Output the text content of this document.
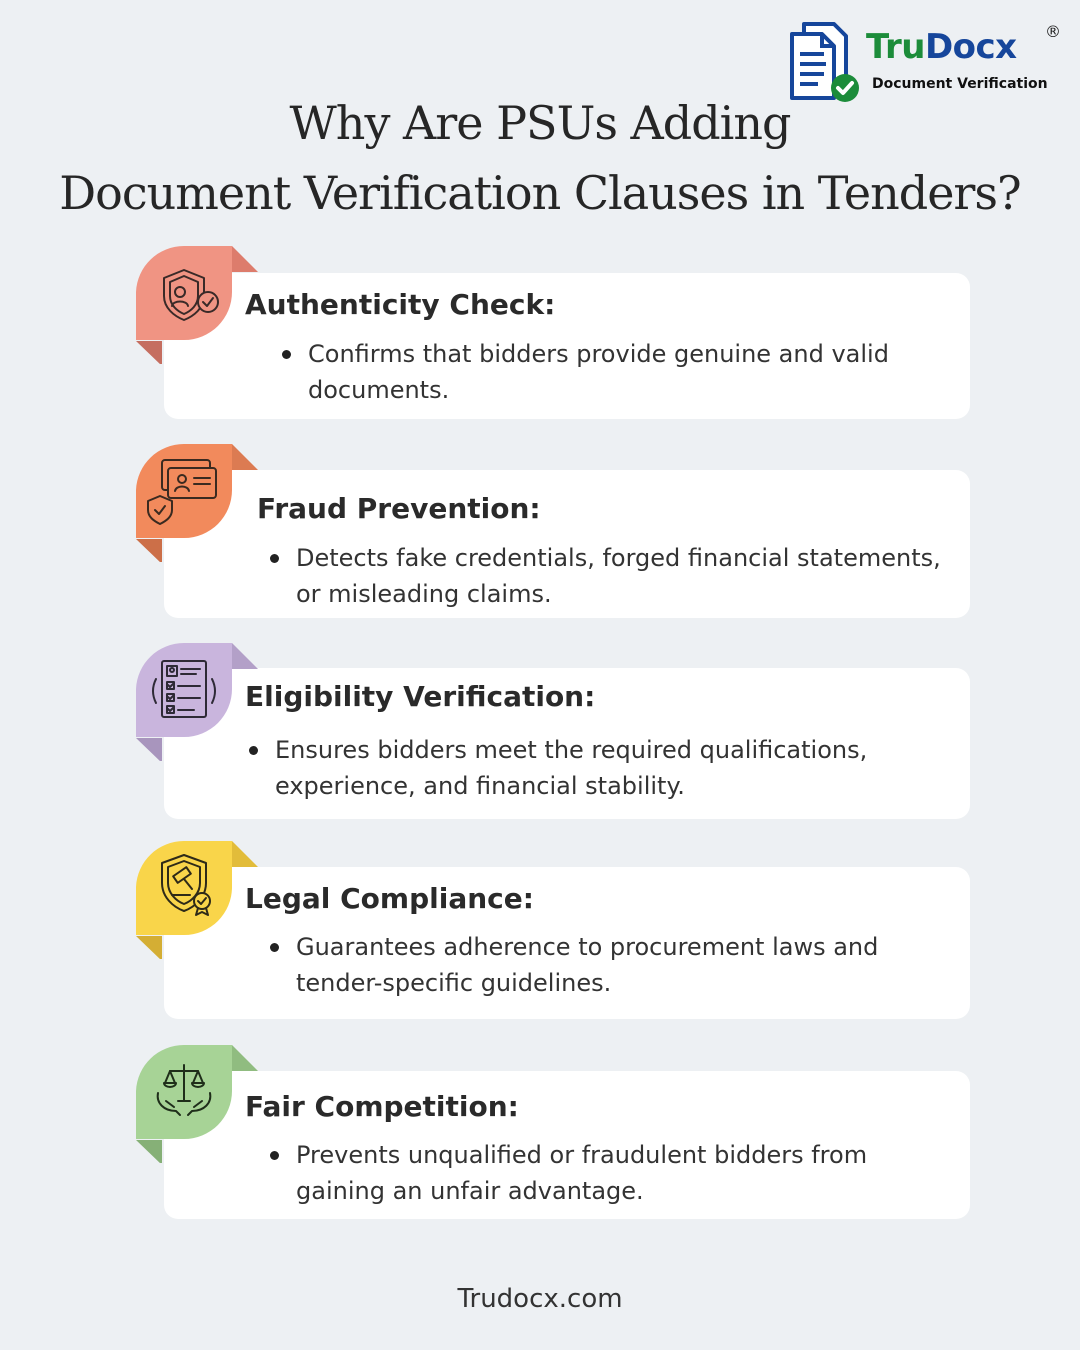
TruDocx ®
Document Verification
Why Are PSUs Adding
Document Verification Clauses in Tenders?
Authenticity Check:
Confirms that bidders provide genuine and valid documents.
Fraud Prevention:
Detects fake credentials, forged financial statements, or misleading claims.
Eligibility Verification:
Ensures bidders meet the required qualifications, experience, and financial stability.
Legal Compliance:
Guarantees adherence to procurement laws and tender-specific guidelines.
Fair Competition:
Prevents unqualified or fraudulent bidders from gaining an unfair advantage.
Trudocx.com
